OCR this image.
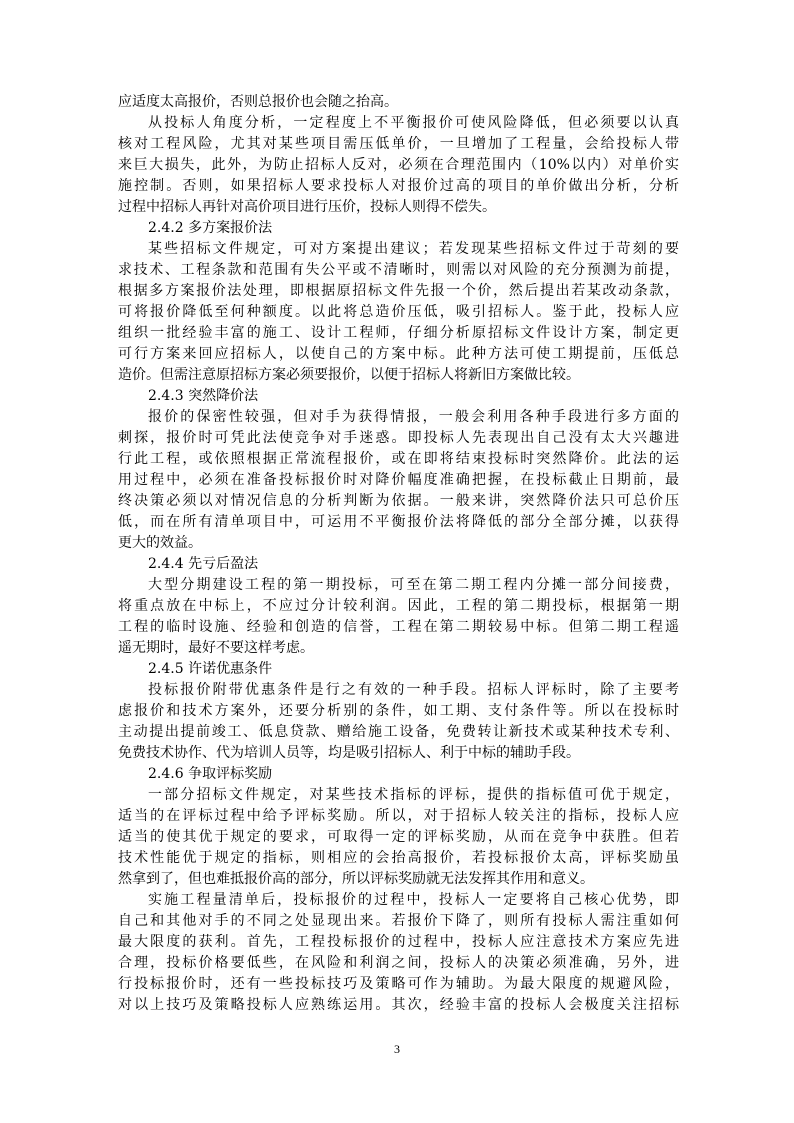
应适度太高报价，否则总报价也会随之抬高。
从投标人角度分析，一定程度上不平衡报价可使风险降低，但必须要以认真
核对工程风险，尤其对某些项目需压低单价，一旦增加了工程量，会给投标人带
来巨大损失，此外，为防止招标人反对，必须在合理范围内（10%以内）对单价实
施控制。否则，如果招标人要求投标人对报价过高的项目的单价做出分析，分析
过程中招标人再针对高价项目进行压价，投标人则得不偿失。
2.4.2 多方案报价法
某些招标文件规定，可对方案提出建议；若发现某些招标文件过于苛刻的要
求技术、工程条款和范围有失公平或不清晰时，则需以对风险的充分预测为前提，
根据多方案报价法处理，即根据原招标文件先报一个价，然后提出若某改动条款，
可将报价降低至何种额度。以此将总造价压低，吸引招标人。鉴于此，投标人应
组织一批经验丰富的施工、设计工程师，仔细分析原招标文件设计方案，制定更
可行方案来回应招标人，以使自己的方案中标。此种方法可使工期提前，压低总
造价。但需注意原招标方案必须要报价，以便于招标人将新旧方案做比较。
2.4.3 突然降价法
报价的保密性较强，但对手为获得情报，一般会利用各种手段进行多方面的
刺探，报价时可凭此法使竞争对手迷惑。即投标人先表现出自己没有太大兴趣进
行此工程，或依照根据正常流程报价，或在即将结束投标时突然降价。此法的运
用过程中，必须在准备投标报价时对降价幅度准确把握，在投标截止日期前，最
终决策必须以对情况信息的分析判断为依据。一般来讲，突然降价法只可总价压
低，而在所有清单项目中，可运用不平衡报价法将降低的部分全部分摊，以获得
更大的效益。
2.4.4 先亏后盈法
大型分期建设工程的第一期投标，可至在第二期工程内分摊一部分间接费，
将重点放在中标上，不应过分计较利润。因此，工程的第二期投标，根据第一期
工程的临时设施、经验和创造的信誉，工程在第二期较易中标。但第二期工程遥
遥无期时，最好不要这样考虑。
2.4.5 许诺优惠条件
投标报价附带优惠条件是行之有效的一种手段。招标人评标时，除了主要考
虑报价和技术方案外，还要分析别的条件，如工期、支付条件等。所以在投标时
主动提出提前竣工、低息贷款、赠给施工设备，免费转让新技术或某种技术专利、
免费技术协作、代为培训人员等，均是吸引招标人、利于中标的辅助手段。
2.4.6 争取评标奖励
一部分招标文件规定，对某些技术指标的评标，提供的指标值可优于规定，
适当的在评标过程中给予评标奖励。所以，对于招标人较关注的指标，投标人应
适当的使其优于规定的要求，可取得一定的评标奖励，从而在竞争中获胜。但若
技术性能优于规定的指标，则相应的会抬高报价，若投标报价太高，评标奖励虽
然拿到了，但也难抵报价高的部分，所以评标奖励就无法发挥其作用和意义。
实施工程量清单后，投标报价的过程中，投标人一定要将自己核心优势，即
自己和其他对手的不同之处显现出来。若报价下降了，则所有投标人需注重如何
最大限度的获利。首先，工程投标报价的过程中，投标人应注意技术方案应先进
合理，投标价格要低些，在风险和利润之间，投标人的决策必须准确，另外，进
行投标报价时，还有一些投标技巧及策略可作为辅助。为最大限度的规避风险，
对以上技巧及策略投标人应熟练运用。其次，经验丰富的投标人会极度关注招标
3
